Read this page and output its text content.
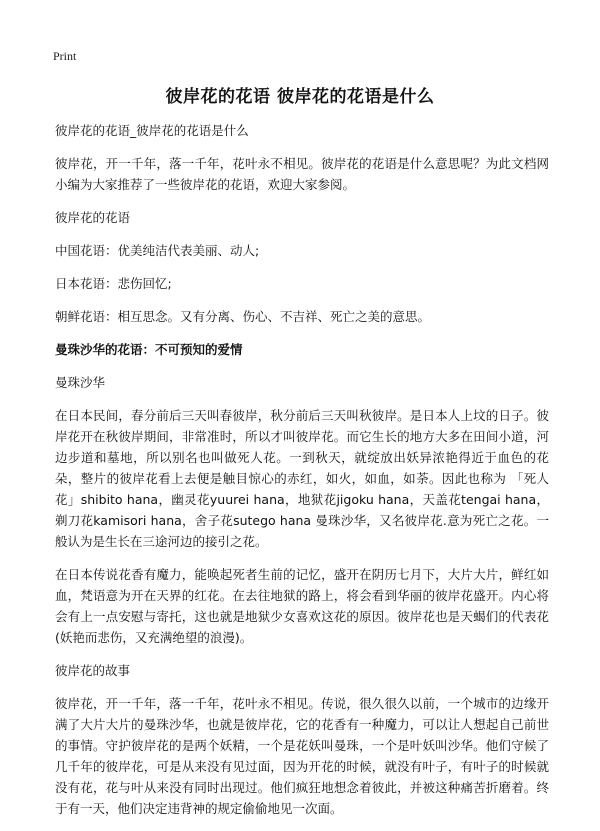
Print
彼岸花的花语 彼岸花的花语是什么

彼岸花的花语_彼岸花的花语是什么

彼岸花，开一千年，落一千年，花叶永不相见。彼岸花的花语是什么意思呢？为此文档网小编为大家推荐了一些彼岸花的花语，欢迎大家参阅。

彼岸花的花语

中国花语：优美纯洁代表美丽、动人;

日本花语：悲伤回忆;

朝鲜花语：相互思念。又有分离、伤心、不吉祥、死亡之美的意思。

曼珠沙华的花语：不可预知的爱情

曼珠沙华

在日本民间，春分前后三天叫春彼岸，秋分前后三天叫秋彼岸。是日本人上坟的日子。彼岸花开在秋彼岸期间，非常准时，所以才叫彼岸花。而它生长的地方大多在田间小道，河边步道和墓地，所以别名也叫做死人花。一到秋天，就绽放出妖异浓艳得近于血色的花朵，整片的彼岸花看上去便是触目惊心的赤红，如火，如血，如荼。因此也称为 「死人花」shibito hana，幽灵花yuurei hana，地狱花jigoku hana，天盖花tengai hana，剃刀花kamisori hana，舍子花sutego hana 曼珠沙华，又名彼岸花.意为死亡之花。一般认为是生长在三途河边的接引之花。

在日本传说花香有魔力，能唤起死者生前的记忆，盛开在阴历七月下，大片大片，鲜红如血，梵语意为开在天界的红花。在去往地狱的路上，将会看到华丽的彼岸花盛开。内心将会有上一点安慰与寄托，这也就是地狱少女喜欢这花的原因。彼岸花也是天蝎们的代表花(妖艳而悲伤，又充满绝望的浪漫)。

彼岸花的故事

彼岸花，开一千年，落一千年，花叶永不相见。传说，很久很久以前，一个城市的边缘开满了大片大片的曼珠沙华，也就是彼岸花，它的花香有一种魔力，可以让人想起自己前世的事情。守护彼岸花的是两个妖精，一个是花妖叫曼珠，一个是叶妖叫沙华。他们守候了几千年的彼岸花，可是从来没有见过面，因为开花的时候，就没有叶子，有叶子的时候就没有花，花与叶从来没有同时出现过。他们疯狂地想念着彼此，并被这种痛苦折磨着。终于有一天，他们决定违背神的规定偷偷地见一次面。
